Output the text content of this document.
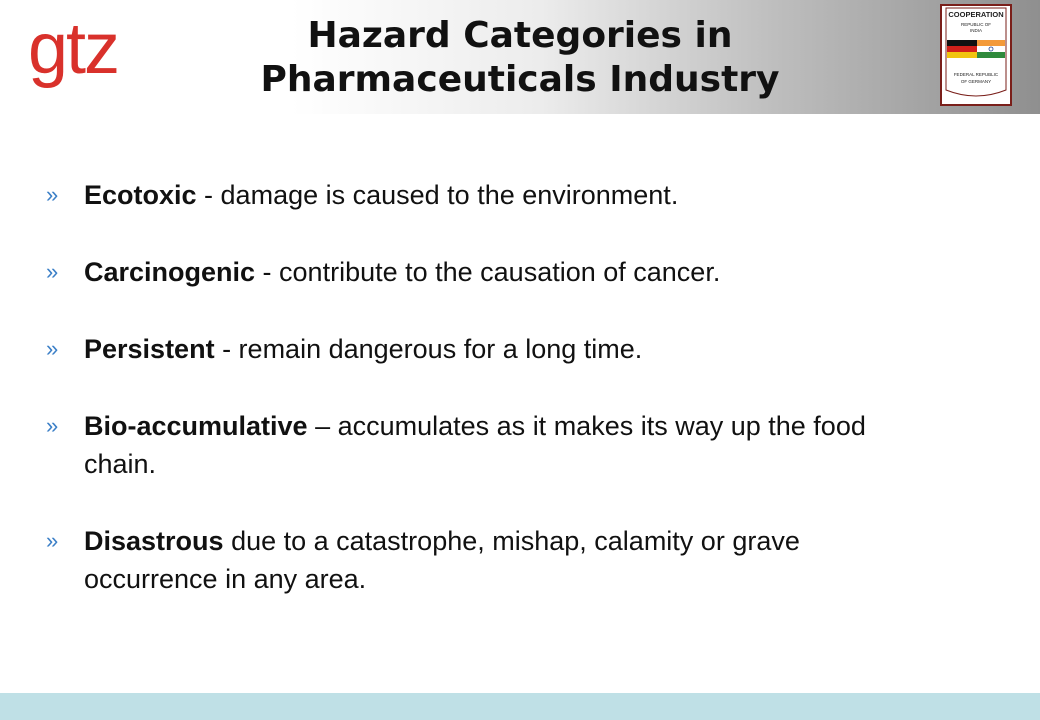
gtz	Hazard Categories in
Pharmaceuticals Industry
COOPERATION
REPUBLIC OF
INDIA
FEDERAL REPUBLIC
OF GERMANY
» Ecotoxic - damage is caused to the environment.
» Carcinogenic - contribute to the causation of cancer.
» Persistent - remain dangerous for a long time.
» Bio-accumulative – accumulates as it makes its way up the food chain.
» Disastrous due to a catastrophe, mishap, calamity or grave occurrence in any area.
